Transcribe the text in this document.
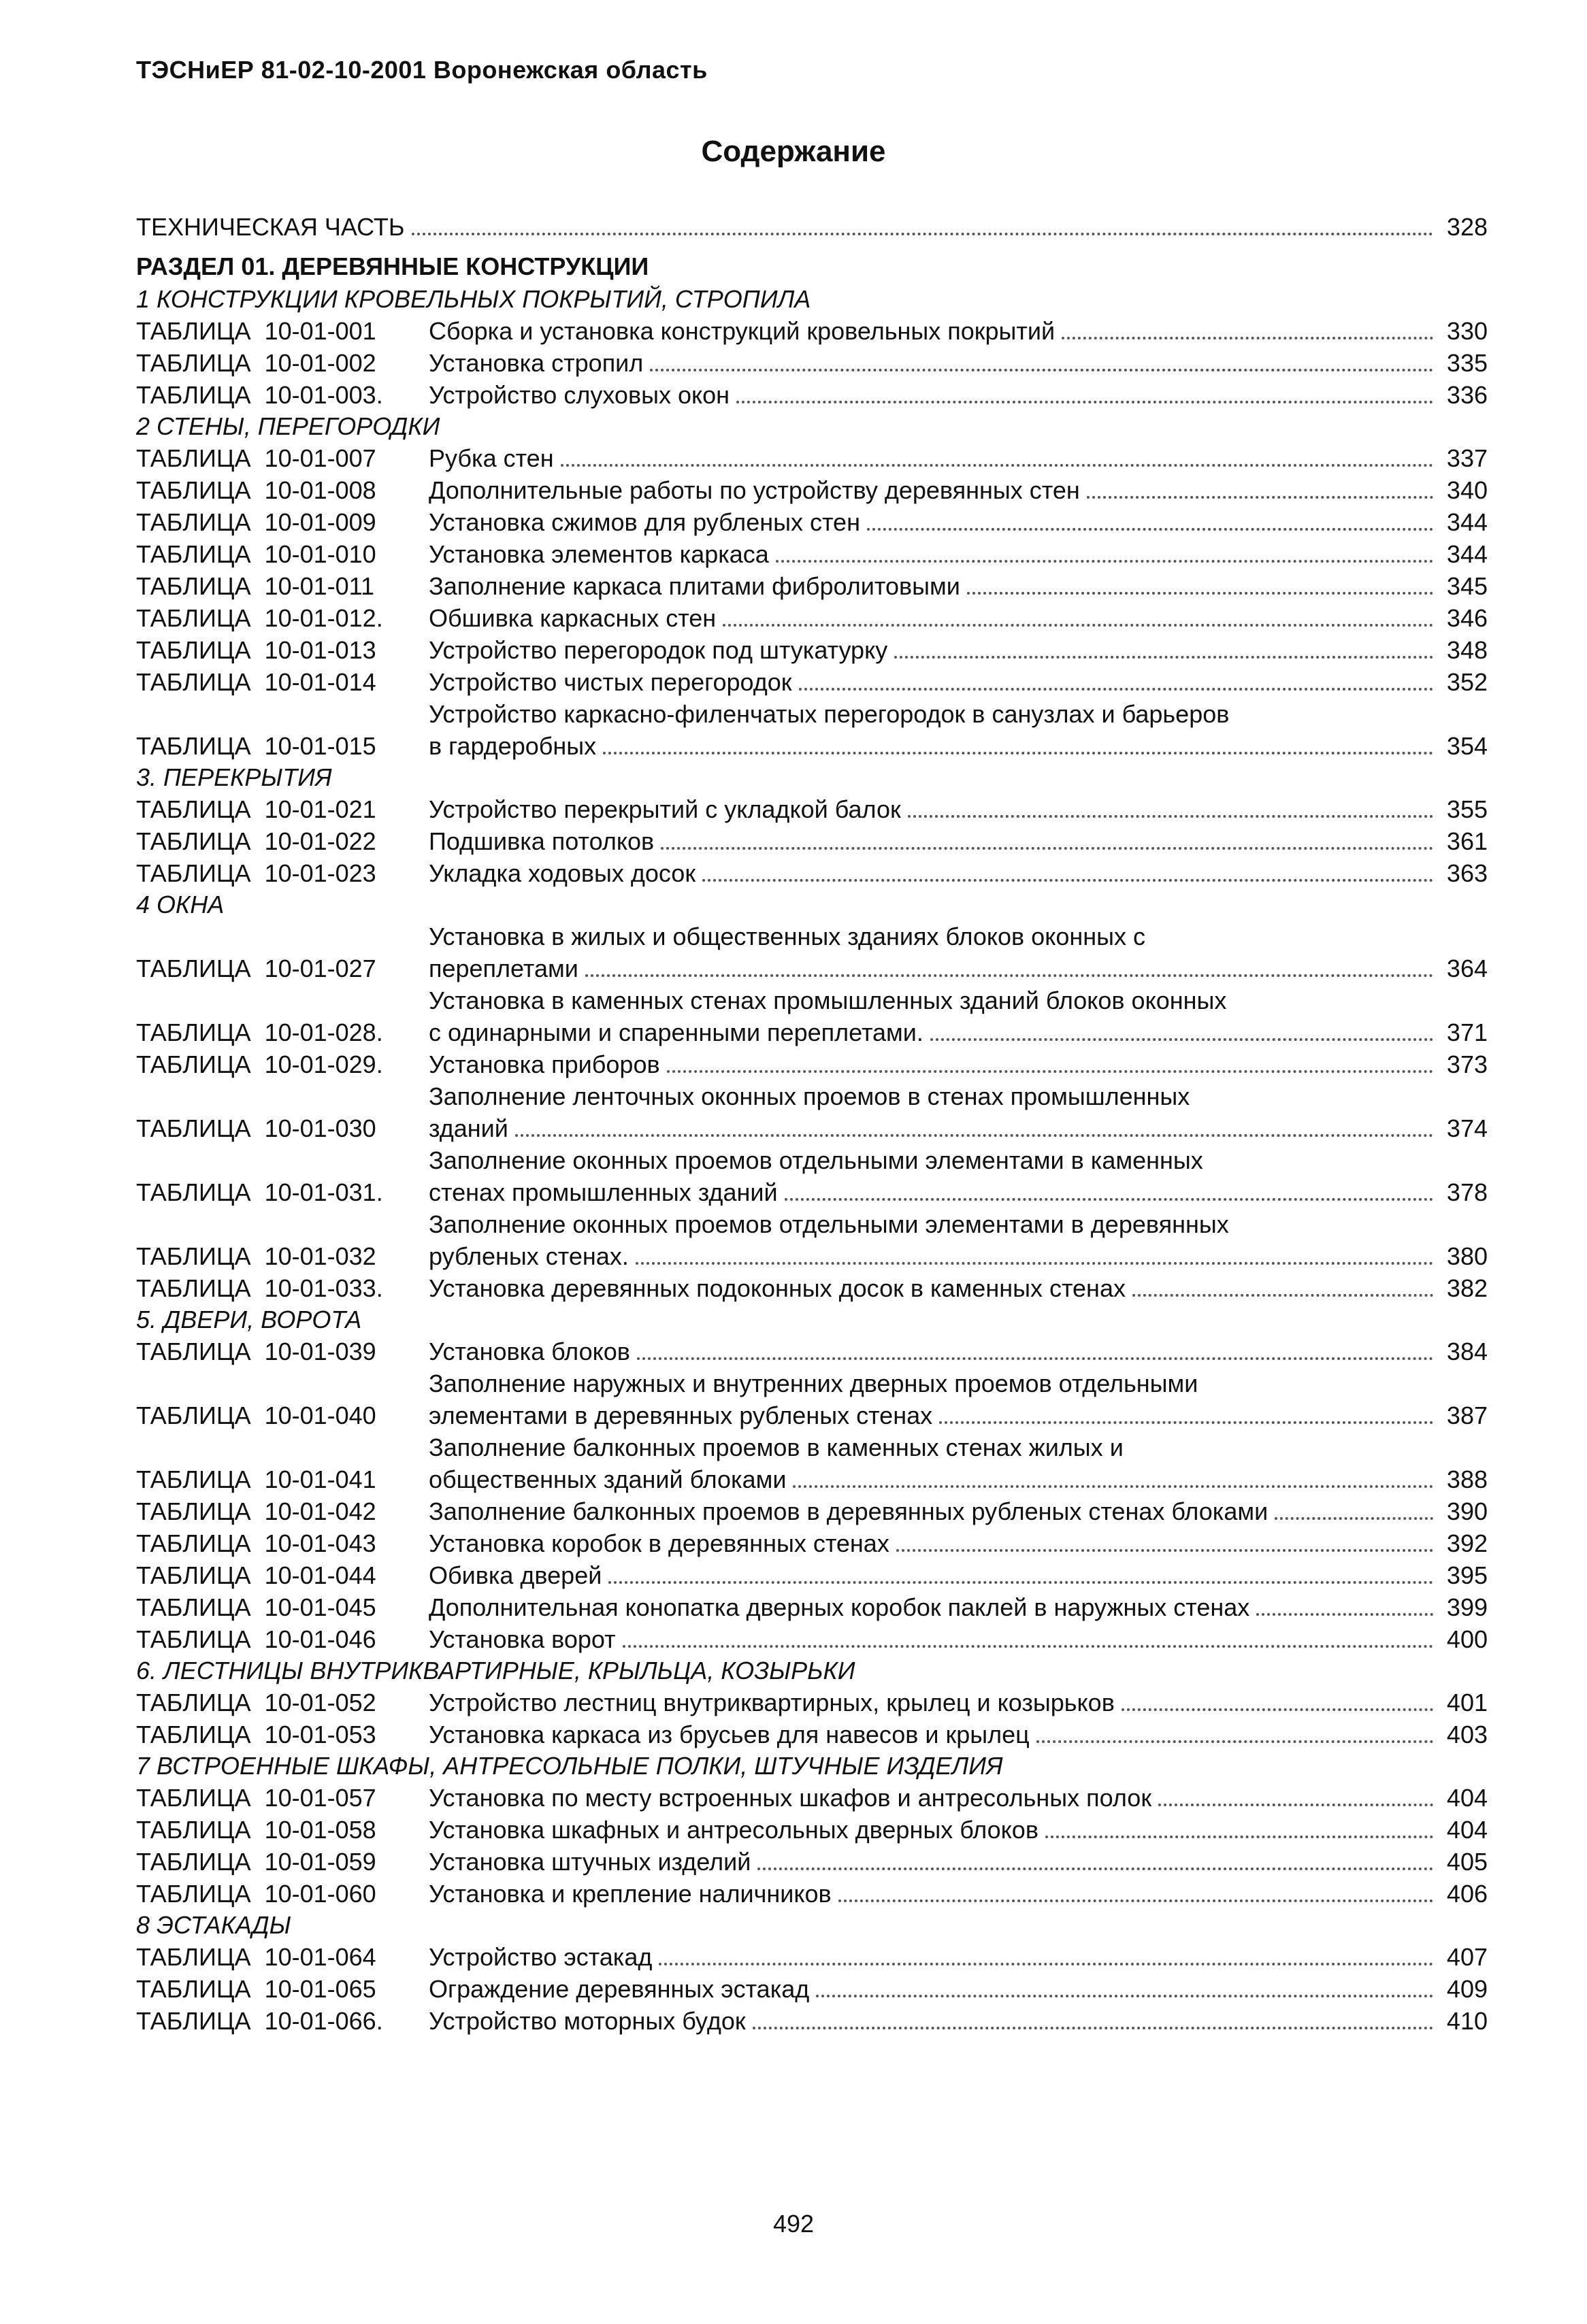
ТЭСНиЕР 81-02-10-2001 Воронежская область
Содержание
ТЕХНИЧЕСКАЯ ЧАСТЬ	328
РАЗДЕЛ 01. ДЕРЕВЯННЫЕ КОНСТРУКЦИИ
1 КОНСТРУКЦИИ КРОВЕЛЬНЫХ ПОКРЫТИЙ, СТРОПИЛА
ТАБЛИЦА  10-01-001	Сборка и установка конструкций кровельных покрытий	330
ТАБЛИЦА  10-01-002	Установка стропил	335
ТАБЛИЦА  10-01-003.	Устройство слуховых окон	336
2 СТЕНЫ, ПЕРЕГОРОДКИ
ТАБЛИЦА  10-01-007	Рубка стен	337
ТАБЛИЦА  10-01-008	Дополнительные работы по устройству деревянных стен	340
ТАБЛИЦА  10-01-009	Установка сжимов для рубленых стен	344
ТАБЛИЦА  10-01-010	Установка элементов каркаса	344
ТАБЛИЦА  10-01-011	Заполнение каркаса плитами фибролитовыми	345
ТАБЛИЦА  10-01-012.	Обшивка каркасных стен	346
ТАБЛИЦА  10-01-013	Устройство перегородок под штукатурку	348
ТАБЛИЦА  10-01-014	Устройство чистых перегородок	352
ТАБЛИЦА  10-01-015
Устройство каркасно-филенчатых перегородок в санузлах и барьеров
в гардеробных	354
3. ПЕРЕКРЫТИЯ
ТАБЛИЦА  10-01-021	Устройство перекрытий с укладкой балок	355
ТАБЛИЦА  10-01-022	Подшивка потолков	361
ТАБЛИЦА  10-01-023	Укладка ходовых досок	363
4 ОКНА
ТАБЛИЦА  10-01-027
Установка в жилых и общественных зданиях блоков оконных с
переплетами	364
ТАБЛИЦА  10-01-028.
Установка в каменных стенах промышленных зданий блоков оконных
с одинарными и спаренными переплетами.	371
ТАБЛИЦА  10-01-029.	Установка приборов	373
ТАБЛИЦА  10-01-030
Заполнение ленточных оконных проемов в стенах промышленных
зданий	374
ТАБЛИЦА  10-01-031.
Заполнение оконных проемов отдельными элементами в каменных
стенах промышленных зданий	378
ТАБЛИЦА  10-01-032
Заполнение оконных проемов отдельными элементами в деревянных
рубленых стенах.	380
ТАБЛИЦА  10-01-033.	Установка деревянных подоконных досок в каменных стенах	382
5. ДВЕРИ, ВОРОТА
ТАБЛИЦА  10-01-039	Установка блоков	384
ТАБЛИЦА  10-01-040
Заполнение наружных и внутренних дверных проемов отдельными
элементами в деревянных рубленых стенах	387
ТАБЛИЦА  10-01-041
Заполнение балконных проемов в каменных стенах жилых и
общественных зданий блоками	388
ТАБЛИЦА  10-01-042	Заполнение балконных проемов в деревянных рубленых стенах блоками	390
ТАБЛИЦА  10-01-043	Установка коробок в деревянных стенах	392
ТАБЛИЦА  10-01-044	Обивка дверей	395
ТАБЛИЦА  10-01-045	Дополнительная конопатка дверных коробок паклей в наружных стенах	399
ТАБЛИЦА  10-01-046	Установка ворот	400
6. ЛЕСТНИЦЫ ВНУТРИКВАРТИРНЫЕ, КРЫЛЬЦА, КОЗЫРЬКИ
ТАБЛИЦА  10-01-052	Устройство лестниц внутриквартирных, крылец и козырьков	401
ТАБЛИЦА  10-01-053	Установка каркаса из брусьев для навесов и крылец	403
7 ВСТРОЕННЫЕ ШКАФЫ, АНТРЕСОЛЬНЫЕ ПОЛКИ, ШТУЧНЫЕ ИЗДЕЛИЯ
ТАБЛИЦА  10-01-057	Установка по месту встроенных шкафов и антресольных полок	404
ТАБЛИЦА  10-01-058	Установка шкафных и антресольных дверных блоков	404
ТАБЛИЦА  10-01-059	Установка штучных изделий	405
ТАБЛИЦА  10-01-060	Установка и крепление наличников	406
8 ЭСТАКАДЫ
ТАБЛИЦА  10-01-064	Устройство эстакад	407
ТАБЛИЦА  10-01-065	Ограждение деревянных эстакад	409
ТАБЛИЦА  10-01-066.	Устройство моторных будок	410
492
